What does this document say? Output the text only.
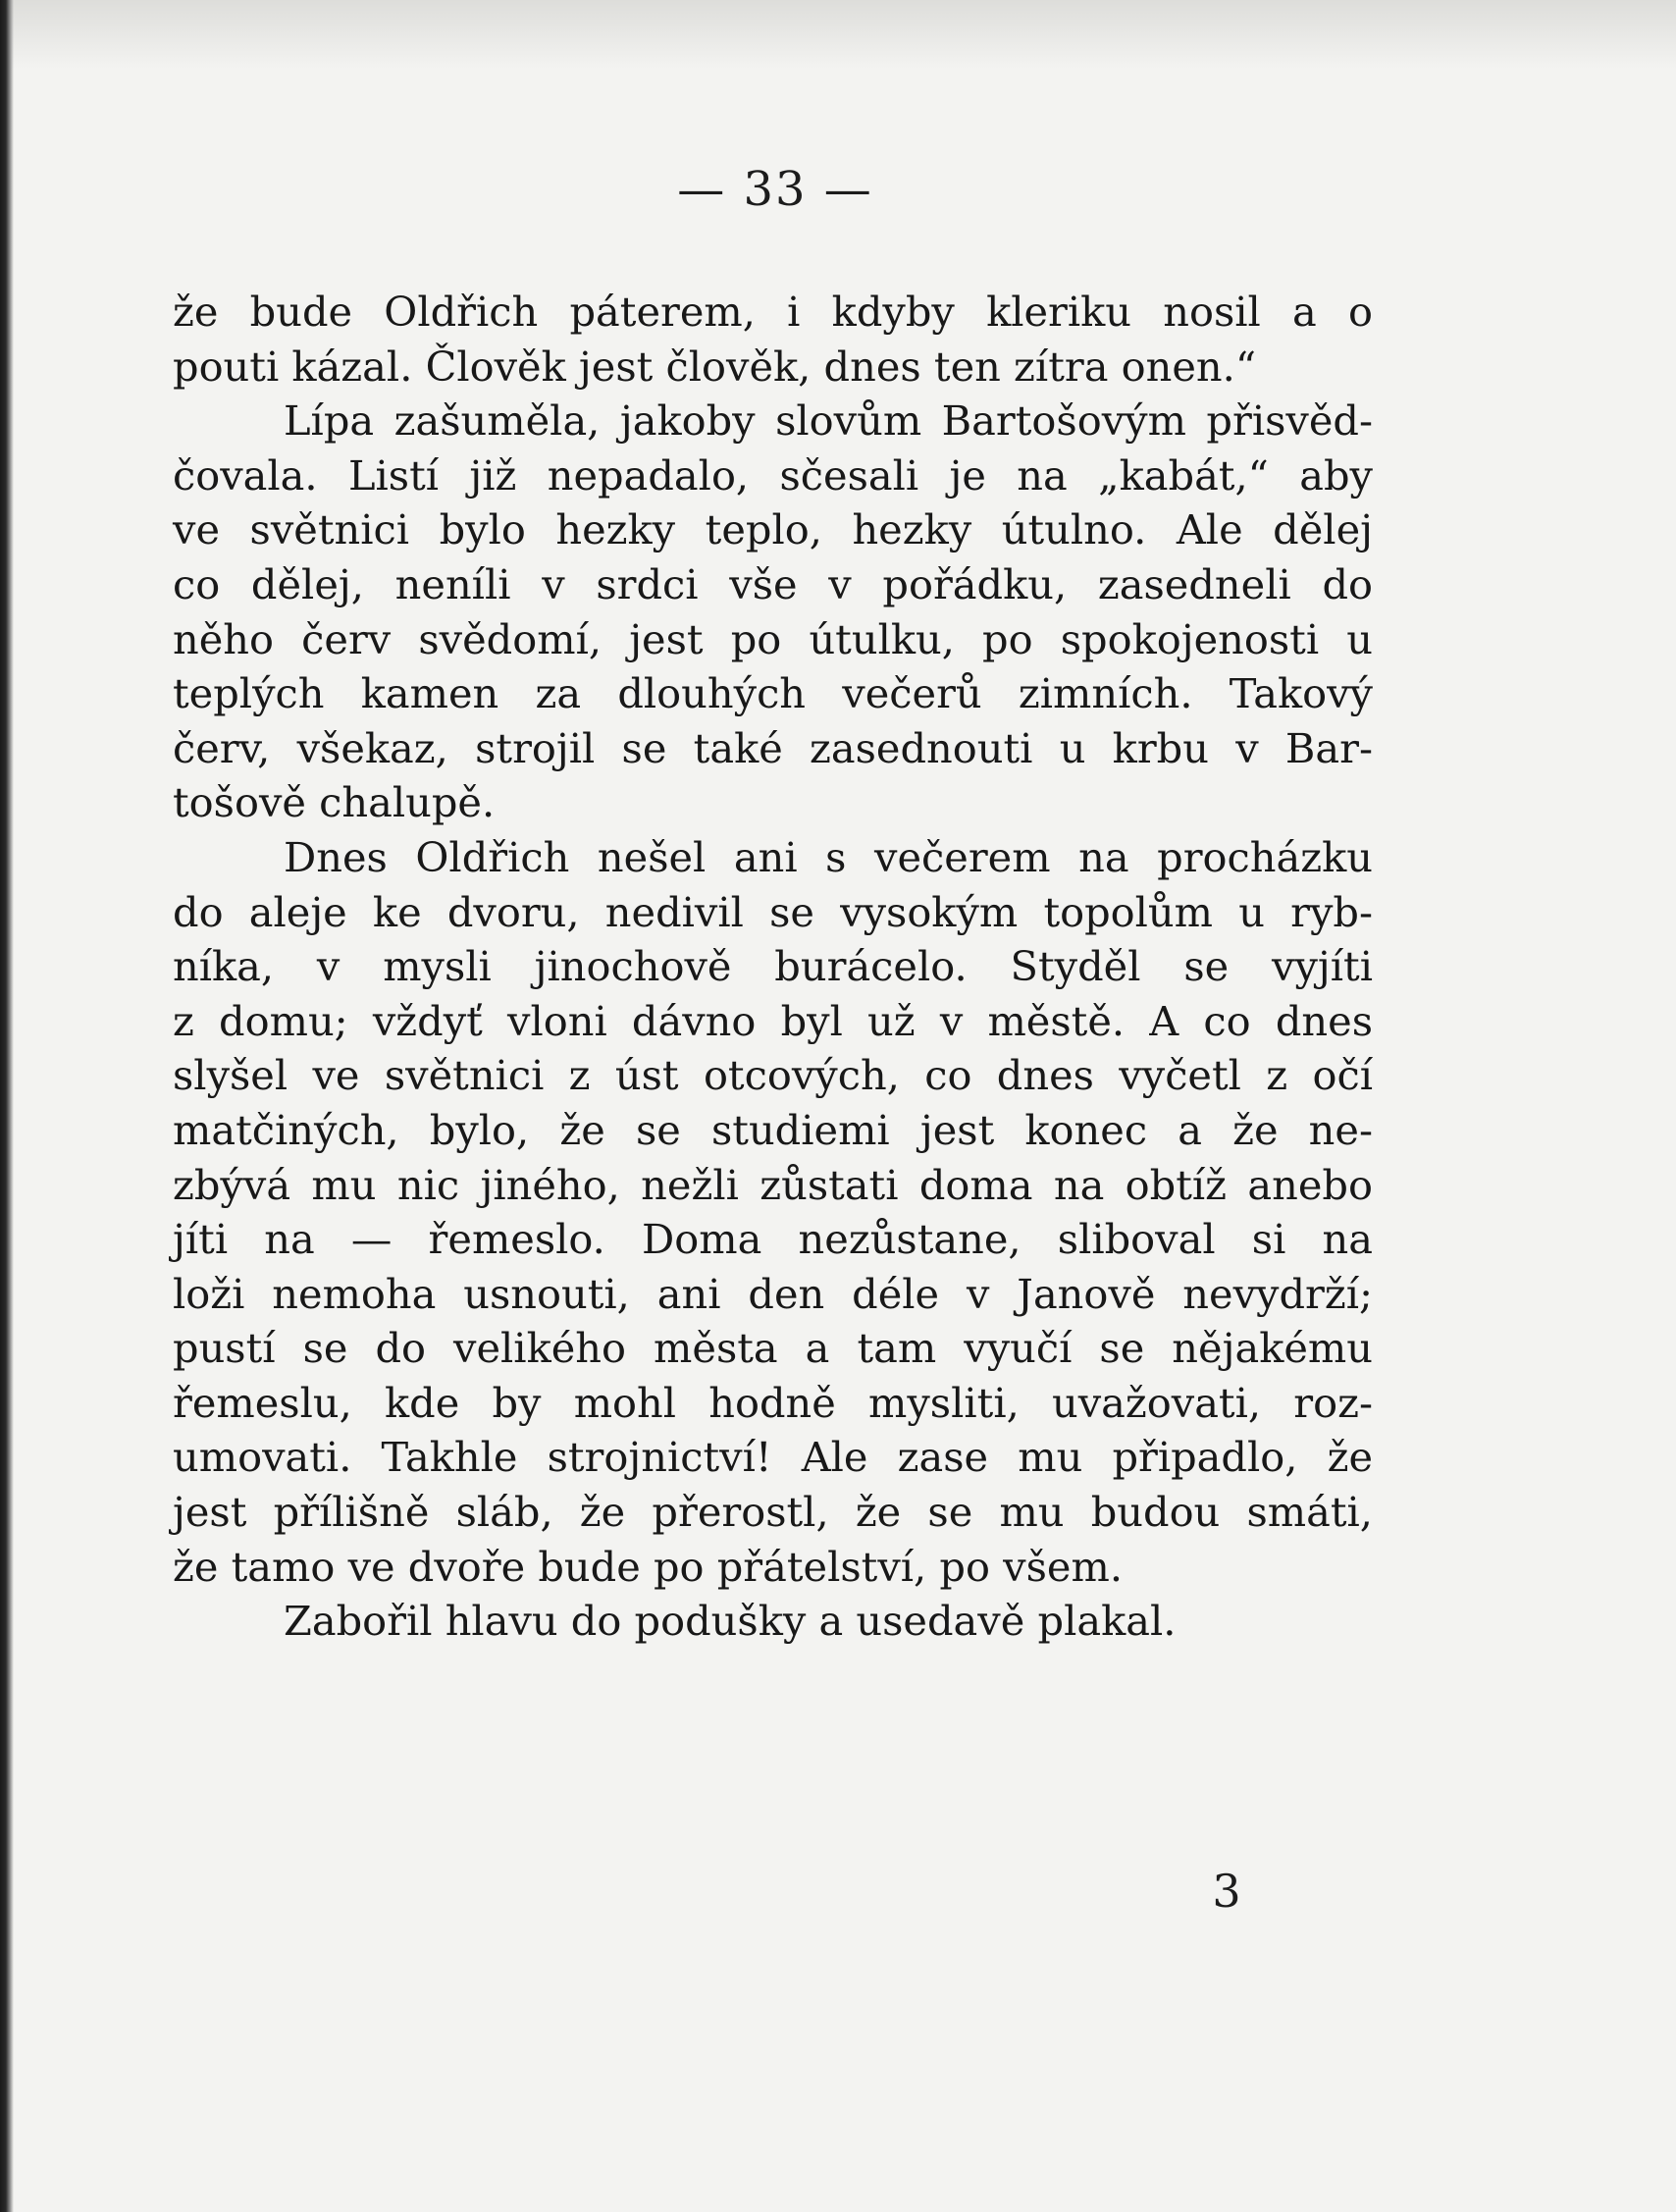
— 33 —
že bude Oldřich páterem, i kdyby kleriku nosil a o
pouti kázal. Člověk jest člověk, dnes ten zítra onen.“
Lípa zašuměla, jakoby slovům Bartošovým přisvěd-
čovala. Listí již nepadalo, sčesali je na „kabát,“ aby
ve světnici bylo hezky teplo, hezky útulno. Ale dělej
co dělej, neníli v srdci vše v pořádku, zasedneli do
něho červ svědomí, jest po útulku, po spokojenosti u
teplých kamen za dlouhých večerů zimních. Takový
červ, všekaz, strojil se také zasednouti u krbu v Bar-
tošově chalupě.
Dnes Oldřich nešel ani s večerem na procházku
do aleje ke dvoru, nedivil se vysokým topolům u ryb-
níka, v mysli jinochově burácelo. Styděl se vyjíti
z domu; vždyť vloni dávno byl už v městě. A co dnes
slyšel ve světnici z úst otcových, co dnes vyčetl z očí
matčiných, bylo, že se studiemi jest konec a že ne-
zbývá mu nic jiného, nežli zůstati doma na obtíž anebo
jíti na — řemeslo. Doma nezůstane, sliboval si na
loži nemoha usnouti, ani den déle v Janově nevydrží;
pustí se do velikého města a tam vyučí se nějakému
řemeslu, kde by mohl hodně mysliti, uvažovati, roz-
umovati. Takhle strojnictví! Ale zase mu připadlo, že
jest přílišně sláb, že přerostl, že se mu budou smáti,
že tamo ve dvoře bude po přátelství, po všem.
Zabořil hlavu do podušky a usedavě plakal.
3
